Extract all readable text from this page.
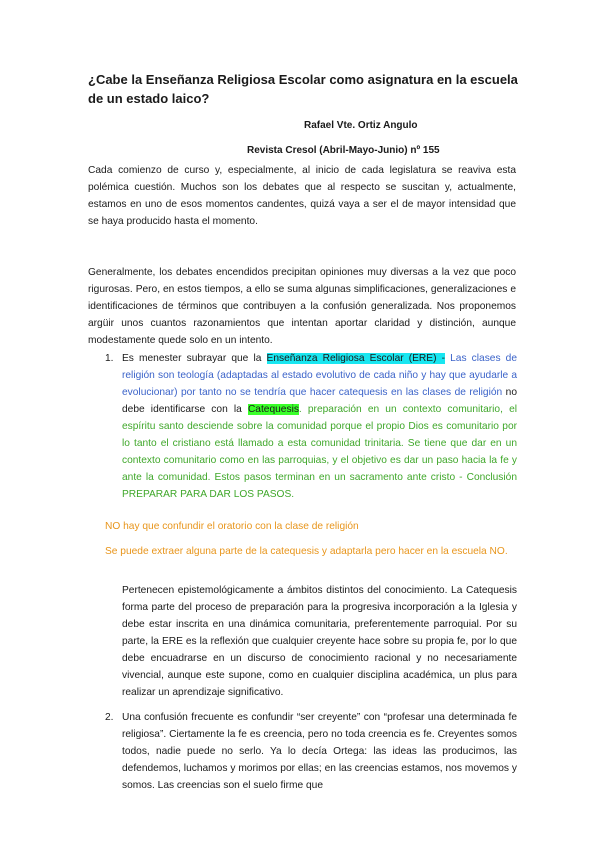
¿Cabe la Enseñanza Religiosa Escolar como asignatura en la escuela de un estado laico?

Rafael Vte. Ortiz Angulo

Revista Cresol (Abril-Mayo-Junio) nº 155

Cada comienzo de curso y, especialmente, al inicio de cada legislatura se reaviva esta polémica cuestión. Muchos son los debates que al respecto se suscitan y, actualmente, estamos en uno de esos momentos candentes, quizá vaya a ser el de mayor intensidad que se haya producido hasta el momento.

Generalmente, los debates encendidos precipitan opiniones muy diversas a la vez que poco rigurosas. Pero, en estos tiempos, a ello se suma algunas simplificaciones, generalizaciones e identificaciones de términos que contribuyen a la confusión generalizada. Nos proponemos argüir unos cuantos razonamientos que intentan aportar claridad y distinción, aunque modestamente quede solo en un intento.

1. Es menester subrayar que la Enseñanza Religiosa Escolar (ERE) - Las clases de religión son teología (adaptadas al estado evolutivo de cada niño y hay que ayudarle a evolucionar) por tanto no se tendría que hacer catequesis en las clases de religión no debe identificarse con la Catequesis. preparación en un contexto comunitario, el espíritu santo desciende sobre la comunidad porque el propio Dios es comunitario por lo tanto el cristiano está llamado a esta comunidad trinitaria. Se tiene que dar en un contexto comunitario como en las parroquias, y el objetivo es dar un paso hacia la fe y ante la comunidad. Estos pasos terminan en un sacramento ante cristo - Conclusión PREPARAR PARA DAR LOS PASOS.

NO hay que confundir el oratorio con la clase de religión

Se puede extraer alguna parte de la catequesis y adaptarla pero hacer en la escuela NO.

Pertenecen epistemológicamente a ámbitos distintos del conocimiento. La Catequesis forma parte del proceso de preparación para la progresiva incorporación a la Iglesia y debe estar inscrita en una dinámica comunitaria, preferentemente parroquial. Por su parte, la ERE es la reflexión que cualquier creyente hace sobre su propia fe, por lo que debe encuadrarse en un discurso de conocimiento racional y no necesariamente vivencial, aunque este supone, como en cualquier disciplina académica, un plus para realizar un aprendizaje significativo.

2. Una confusión frecuente es confundir “ser creyente” con “profesar una determinada fe religiosa”. Ciertamente la fe es creencia, pero no toda creencia es fe. Creyentes somos todos, nadie puede no serlo. Ya lo decía Ortega: las ideas las producimos, las defendemos, luchamos y morimos por ellas; en las creencias estamos, nos movemos y somos. Las creencias son el suelo firme que
